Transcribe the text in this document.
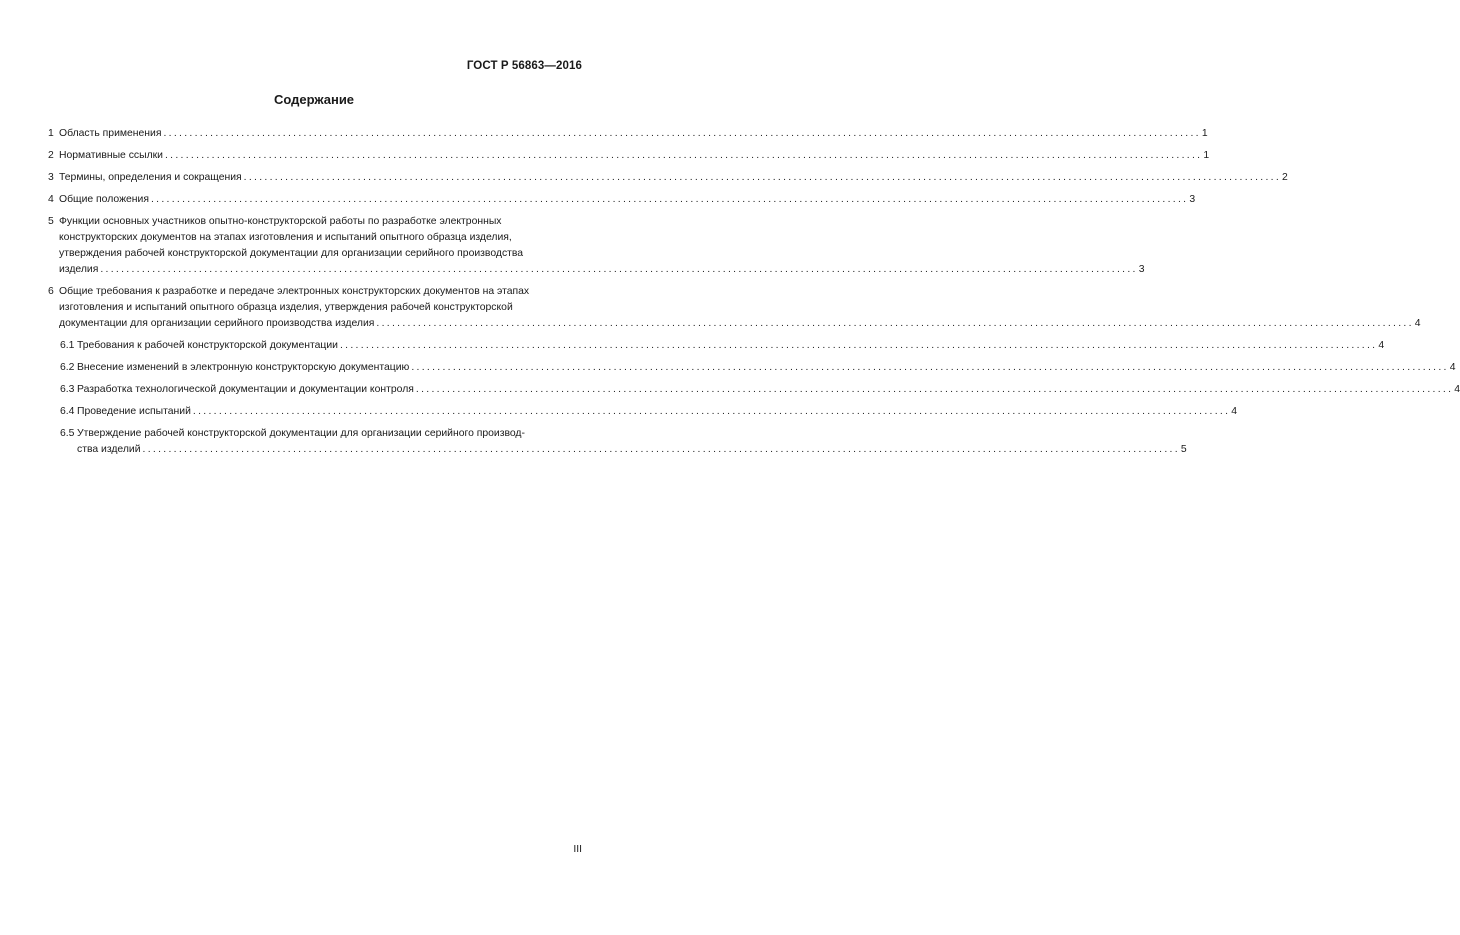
ГОСТ Р 56863—2016
Содержание
1 Область применения ........................................................................................................................................................................................................ 1
2 Нормативные ссылки ........................................................................................................................................................................................................ 1
3 Термины, определения и сокращения ........................................................................................................................................................................................................ 2
4 Общие положения ........................................................................................................................................................................................................ 3
5 Функции основных участников опытно-конструкторской работы по разработке электронных
конструкторских документов на этапах изготовления и испытаний опытного образца изделия,
утверждения рабочей конструкторской документации для организации серийного производства
изделия ........................................................................................................................................................................................................ 3
6 Общие требования к разработке и передаче электронных конструкторских документов на этапах
изготовления и испытаний опытного образца изделия, утверждения рабочей конструкторской
документации для организации серийного производства изделия ........................................................................................................................................................................................................ 4
6.1 Требования к рабочей конструкторской документации ........................................................................................................................................................................................................ 4
6.2 Внесение изменений в электронную конструкторскую документацию ........................................................................................................................................................................................................ 4
6.3 Разработка технологической документации и документации контроля ........................................................................................................................................................................................................ 4
6.4 Проведение испытаний ........................................................................................................................................................................................................ 4
6.5 Утверждение рабочей конструкторской документации для организации серийного производ-
ства изделий ........................................................................................................................................................................................................ 5
III
